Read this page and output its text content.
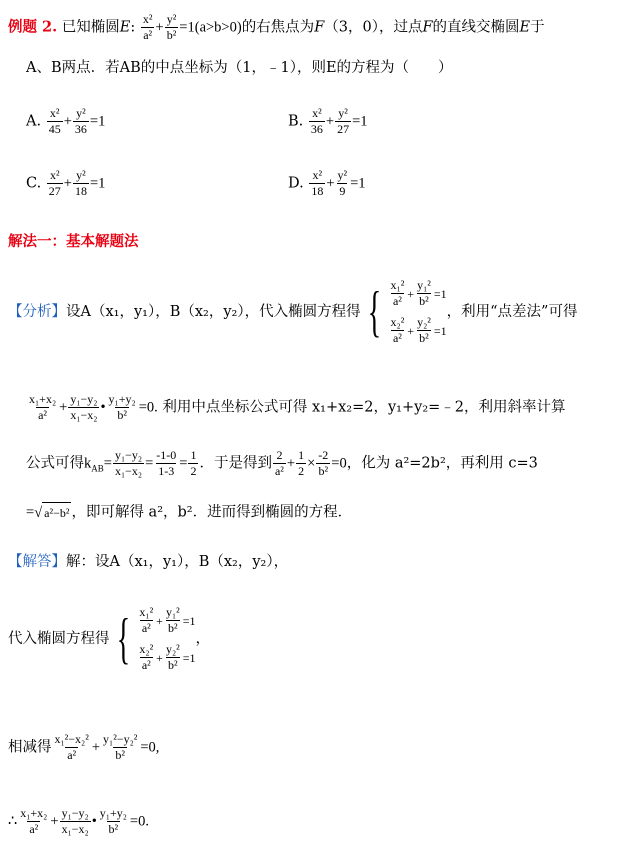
例题 2. 已知椭圆E: $\frac{\text{x²}}{\text{a²}} + \frac{\text{y²}}{\text{b²}} =1(a>b>0)$的右焦点为F（3，0），过点F的直线交椭圆E于
A、B两点．若AB的中点坐标为（1，﹣1），则E的方程为（　　）
A. $\frac{\text{x²}}{45} + \frac{\text{y²}}{36} =1$	B. $\frac{\text{x²}}{36} + \frac{\text{y²}}{27} =1$
C. $\frac{\text{x²}}{27} + \frac{\text{y²}}{18} =1$	D. $\frac{\text{x²}}{18} + \frac{\text{y²}}{9} =1$
解法一：基本解题法
【分析】 设A（x₁，y₁），B（x₂，y₂），代入椭圆方程得 { $\frac{\text{x₁²}}{\text{a²}} + \frac{\text{y₁²}}{\text{b²}} =1$
$\frac{\text{x₂²}}{\text{a²}} + \frac{\text{y₂²}}{\text{b²}} =1$
，利用“点差法”可得
$\frac{\text{x₁+x₂}}{\text{a²}} + \frac{\text{y₁−y₂}}{\text{x₁−x₂}}$ • $\frac{\text{y₁+y₂}}{\text{b²}} =0$. 利用中点坐标公式可得 x₁+x₂=2，y₁+y₂=﹣2，利用斜率计算
公式可得$k_{AB}= \frac{\text{y₁−y₂}}{\text{x₁−x₂}} = \frac{-1-0}{1-3} = \frac{1}{2}$ ．于是得到 $\frac{2}{\text{a²}} + \frac{1}{2} \times \frac{-2}{\text{b²}} =0$，化为 a²=2b²，再利用 c=3
=√ a²−b² ，即可解得 a²，b²．进而得到椭圆的方程．
【解答】解：设A（x₁，y₁），B（x₂，y₂），
代入椭圆方程得 { $\frac{\text{x₁²}}{\text{a²}} + \frac{\text{y₁²}}{\text{b²}} =1$
$\frac{\text{x₂²}}{\text{a²}} + \frac{\text{y₂²}}{\text{b²}} =1$
，
相减得 $\frac{\text{x₁²−x₂²}}{\text{a²}} + \frac{\text{y₁²−y₂²}}{\text{b²}} =0$,
∴ $\frac{\text{x₁+x₂}}{\text{a²}} + \frac{\text{y₁−y₂}}{\text{x₁−x₂}}$ • $\frac{\text{y₁+y₂}}{\text{b²}} =0$.
